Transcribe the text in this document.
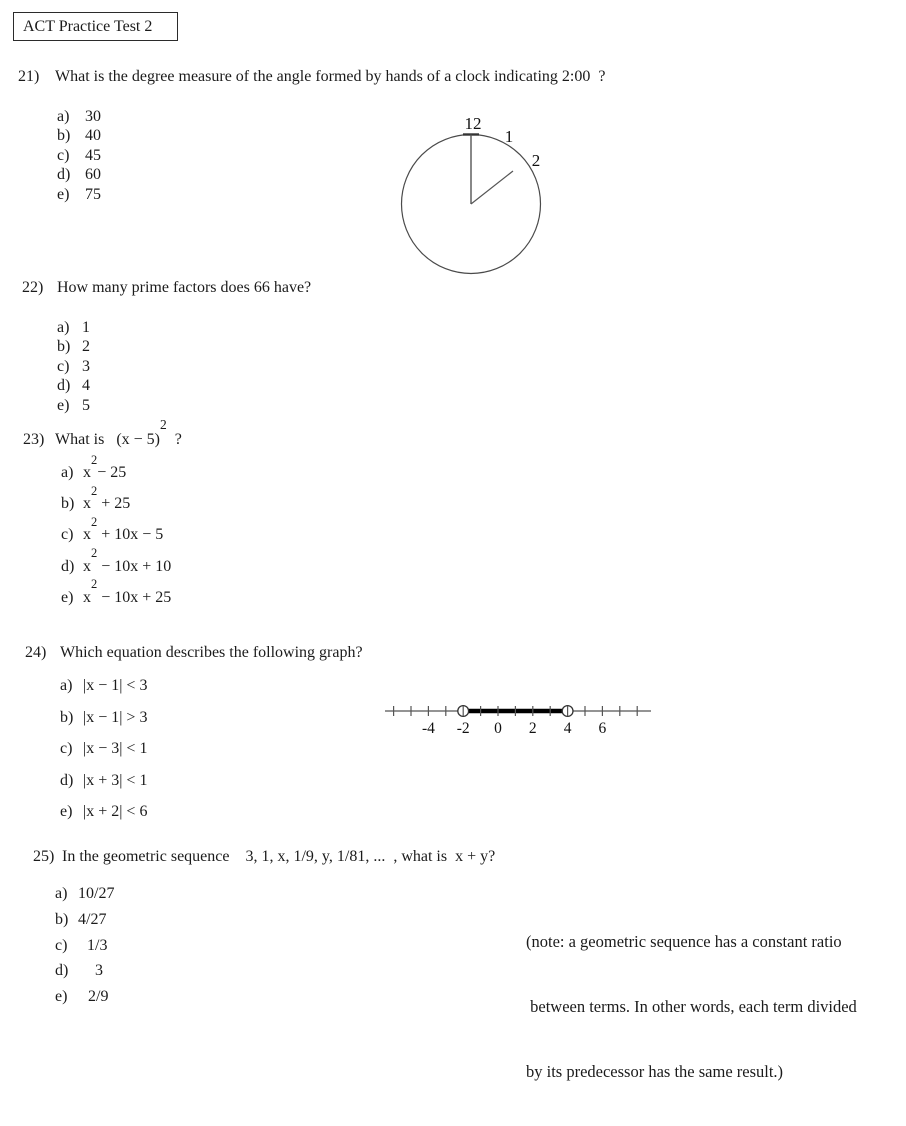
ACT Practice Test 2
21) What is the degree measure of the angle formed by hands of a clock indicating 2:00  ?
a) 30
b) 40
c) 45
d) 60
e) 75
12
1
2
22) How many prime factors does 66 have?
a) 1
b) 2
c) 3
d) 4
e) 5
23) What is   $(x - 5)^2$  ?
a) $x^2- 25$
b) $x^2 + 25$
c) $x^2 + 10x - 5$
d) $x^2 - 10x + 10$
e) $x^2 - 10x + 25$
24) Which equation describes the following graph?
a) |x − 1| < 3
b) |x − 1| > 3
c) |x − 3| < 1
d) |x + 3| < 1
e) |x + 2| < 6
-4 -2 0 2 4 6
25) In the geometric sequence    3, 1, x, 1/9, y, 1/81, ...  , what is  x + y?
a) 10/27
b) 4/27
c)	1/3
d)	3
e)	2/9

(note: a geometric sequence has a constant ratio

between terms. In other words, each term divided

by its predecessor has the same result.)
